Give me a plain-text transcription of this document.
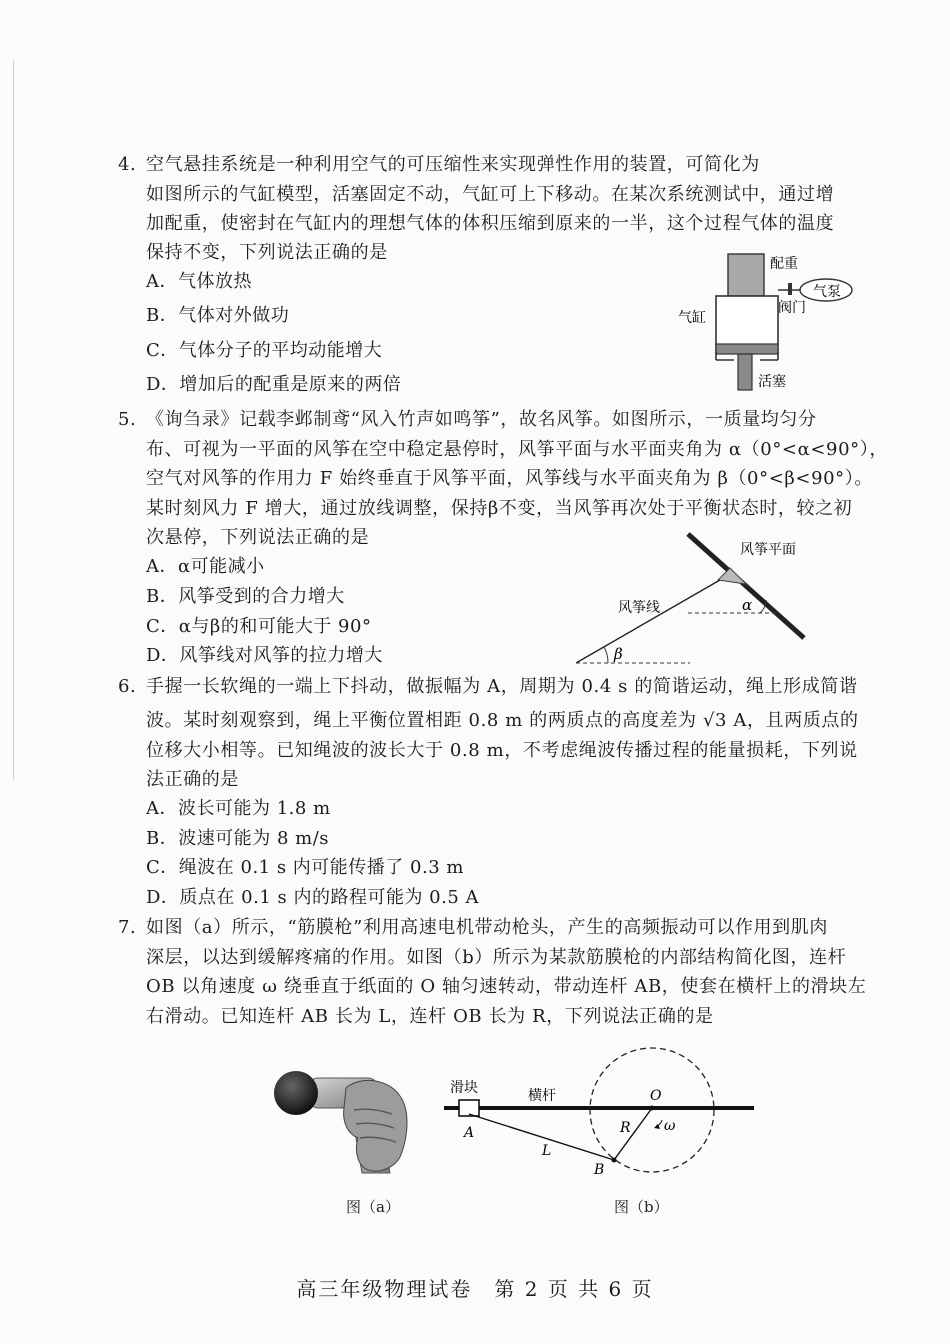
4. 空气悬挂系统是一种利用空气的可压缩性来实现弹性作用的装置，可简化为
如图所示的气缸模型，活塞固定不动，气缸可上下移动。在某次系统测试中，通过增
加配重，使密封在气缸内的理想气体的体积压缩到原来的一半，这个过程气体的温度
保持不变，下列说法正确的是
A．气体放热
B．气体对外做功
C．气体分子的平均动能增大
D．增加后的配重是原来的两倍
气泵
配重
阀门
气缸
活塞
5. 《询刍录》记载李邺制鸢“风入竹声如鸣筝”，故名风筝。如图所示，一质量均匀分
布、可视为一平面的风筝在空中稳定悬停时，风筝平面与水平面夹角为 α（0°<α<90°），
空气对风筝的作用力 F 始终垂直于风筝平面，风筝线与水平面夹角为 β（0°<β<90°）。
某时刻风力 F 增大，通过放线调整，保持β不变，当风筝再次处于平衡状态时，较之初
次悬停，下列说法正确的是
A．α可能减小
B．风筝受到的合力增大
C．α与β的和可能大于 90°
D．风筝线对风筝的拉力增大
风筝平面
风筝线	α
β
6. 手握一长软绳的一端上下抖动，做振幅为 A，周期为 0.4 s 的简谐运动，绳上形成简谐
波。某时刻观察到，绳上平衡位置相距 0.8 m 的两质点的高度差为 √3 A，且两质点的
位移大小相等。已知绳波的波长大于 0.8 m，不考虑绳波传播过程的能量损耗，下列说
法正确的是
A．波长可能为 1.8 m
B．波速可能为 8 m/s
C．绳波在 0.1 s 内可能传播了 0.3 m
D．质点在 0.1 s 内的路程可能为 0.5 A
7. 如图（a）所示，“筋膜枪”利用高速电机带动枪头，产生的高频振动可以作用到肌肉
深层，以达到缓解疼痛的作用。如图（b）所示为某款筋膜枪的内部结构简化图，连杆
OB 以角速度 ω 绕垂直于纸面的 O 轴匀速转动，带动连杆 AB，使套在横杆上的滑块左
右滑动。已知连杆 AB 长为 L，连杆 OB 长为 R，下列说法正确的是
图（a）
滑块	横杆	O
A
B
R
L
ω
图（b）
高三年级物理试卷　第 2 页 共 6 页
